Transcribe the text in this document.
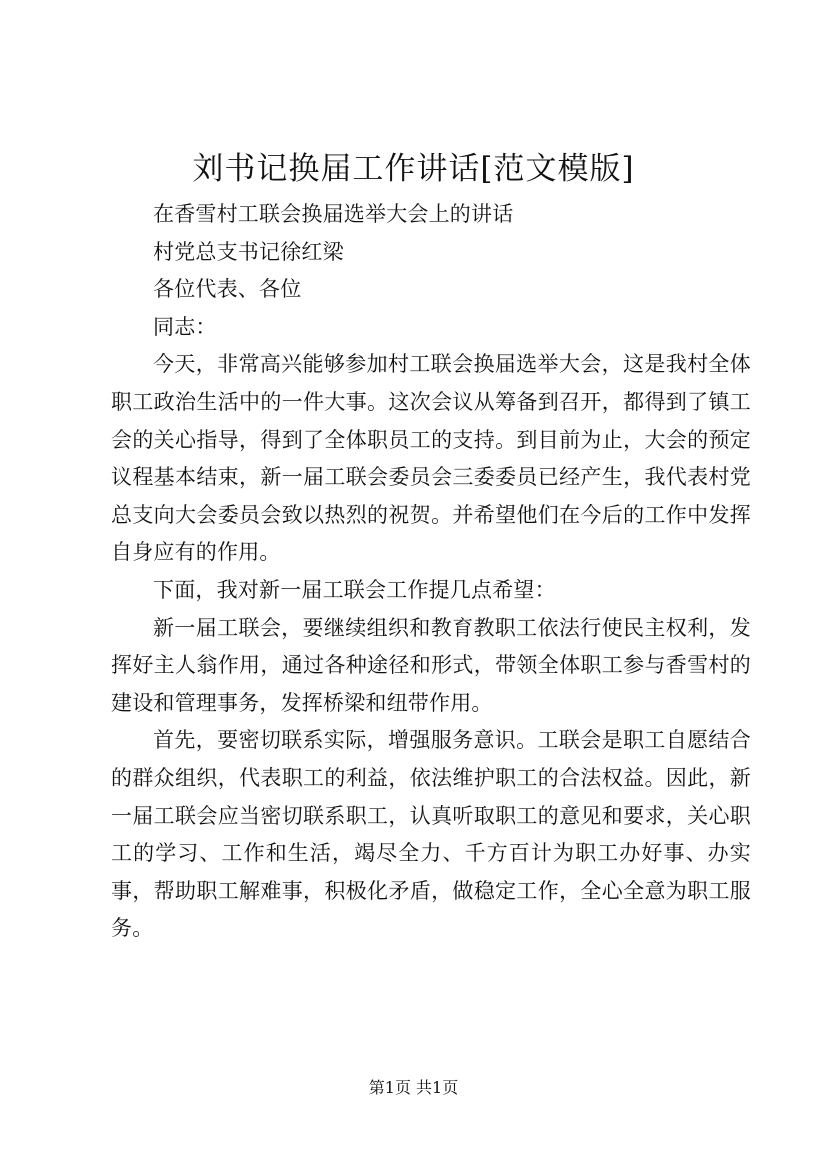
刘书记换届工作讲话[范文模版]

在香雪村工联会换届选举大会上的讲话

村党总支书记徐红梁

各位代表、各位

同志：

今天，非常高兴能够参加村工联会换届选举大会，这是我村全体职工政治生活中的一件大事。这次会议从筹备到召开，都得到了镇工会的关心指导，得到了全体职员工的支持。到目前为止，大会的预定议程基本结束，新一届工联会委员会三委委员已经产生，我代表村党总支向大会委员会致以热烈的祝贺。并希望他们在今后的工作中发挥自身应有的作用。

下面，我对新一届工联会工作提几点希望：

新一届工联会，要继续组织和教育教职工依法行使民主权利，发挥好主人翁作用，通过各种途径和形式，带领全体职工参与香雪村的建设和管理事务，发挥桥梁和纽带作用。

首先，要密切联系实际，增强服务意识。工联会是职工自愿结合的群众组织，代表职工的利益，依法维护职工的合法权益。因此，新一届工联会应当密切联系职工，认真听取职工的意见和要求，关心职工的学习、工作和生活，竭尽全力、千方百计为职工办好事、办实事，帮助职工解难事，积极化矛盾，做稳定工作，全心全意为职工服务。

第1页 共1页
